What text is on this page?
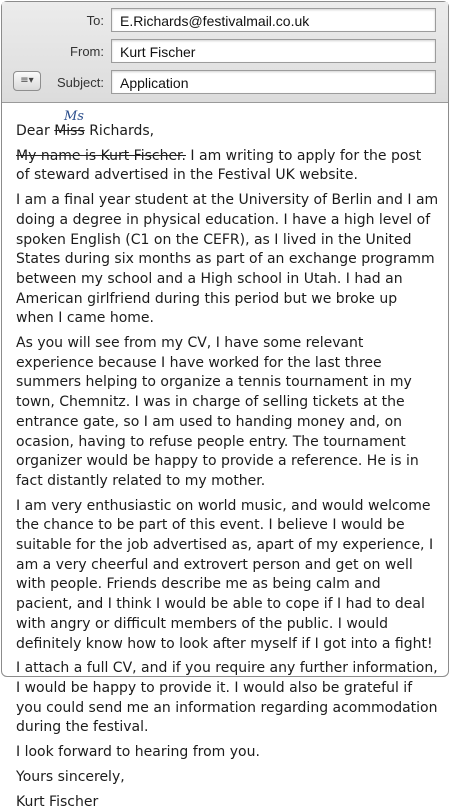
To:	E.Richards@festivalmail.co.uk
From:	Kurt Fischer
≡▾	Subject:	Application

Ms
Dear Miss Richards,

My name is Kurt Fischer. I am writing to apply for the post of steward advertised in the Festival UK website.

I am a final year student at the University of Berlin and I am doing a degree in physical education. I have a high level of spoken English (C1 on the CEFR), as I lived in the United States during six months as part of an exchange programm between my school and a High school in Utah. I had an American girlfriend during this period but we broke up when I came home.

As you will see from my CV, I have some relevant experience because I have worked for the last three summers helping to organize a tennis tournament in my town, Chemnitz. I was in charge of selling tickets at the entrance gate, so I am used to handing money and, on ocasion, having to refuse people entry. The tournament organizer would be happy to provide a reference. He is in fact distantly related to my mother.

I am very enthusiastic on world music, and would welcome the chance to be part of this event. I believe I would be suitable for the job advertised as, apart of my experience, I am a very cheerful and extrovert person and get on well with people. Friends describe me as being calm and pacient, and I think I would be able to cope if I had to deal with angry or difficult members of the public. I would definitely know how to look after myself if I got into a fight!

I attach a full CV, and if you require any further information, I would be happy to provide it. I would also be grateful if you could send me an information regarding acommodation during the festival.

I look forward to hearing from you.

Yours sincerely,

Kurt Fischer
